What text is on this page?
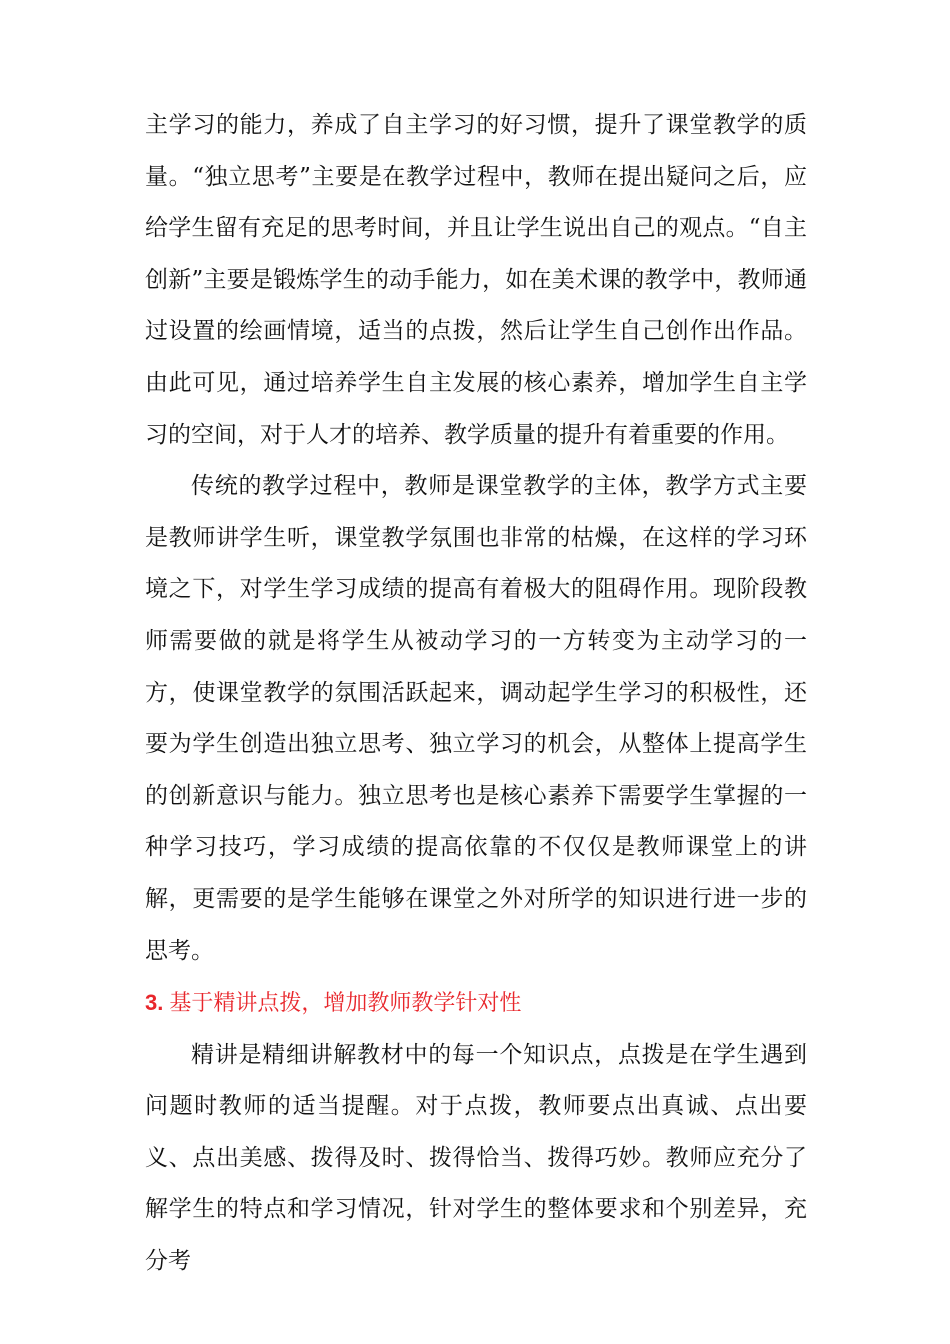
主学习的能力，养成了自主学习的好习惯，提升了课堂教学的质量。“独立思考”主要是在教学过程中，教师在提出疑问之后，应给学生留有充足的思考时间，并且让学生说出自己的观点。“自主创新”主要是锻炼学生的动手能力，如在美术课的教学中，教师通过设置的绘画情境，适当的点拨，然后让学生自己创作出作品。由此可见，通过培养学生自主发展的核心素养，增加学生自主学习的空间，对于人才的培养、教学质量的提升有着重要的作用。

传统的教学过程中，教师是课堂教学的主体，教学方式主要是教师讲学生听，课堂教学氛围也非常的枯燥，在这样的学习环境之下，对学生学习成绩的提高有着极大的阻碍作用。现阶段教师需要做的就是将学生从被动学习的一方转变为主动学习的一方，使课堂教学的氛围活跃起来，调动起学生学习的积极性，还要为学生创造出独立思考、独立学习的机会，从整体上提高学生的创新意识与能力。独立思考也是核心素养下需要学生掌握的一种学习技巧，学习成绩的提高依靠的不仅仅是教师课堂上的讲解，更需要的是学生能够在课堂之外对所学的知识进行进一步的思考。

3. 基于精讲点拨，增加教师教学针对性

精讲是精细讲解教材中的每一个知识点，点拨是在学生遇到问题时教师的适当提醒。对于点拨，教师要点出真诚、点出要义、点出美感、拨得及时、拨得恰当、拨得巧妙。教师应充分了解学生的特点和学习情况，针对学生的整体要求和个别差异，充分考
